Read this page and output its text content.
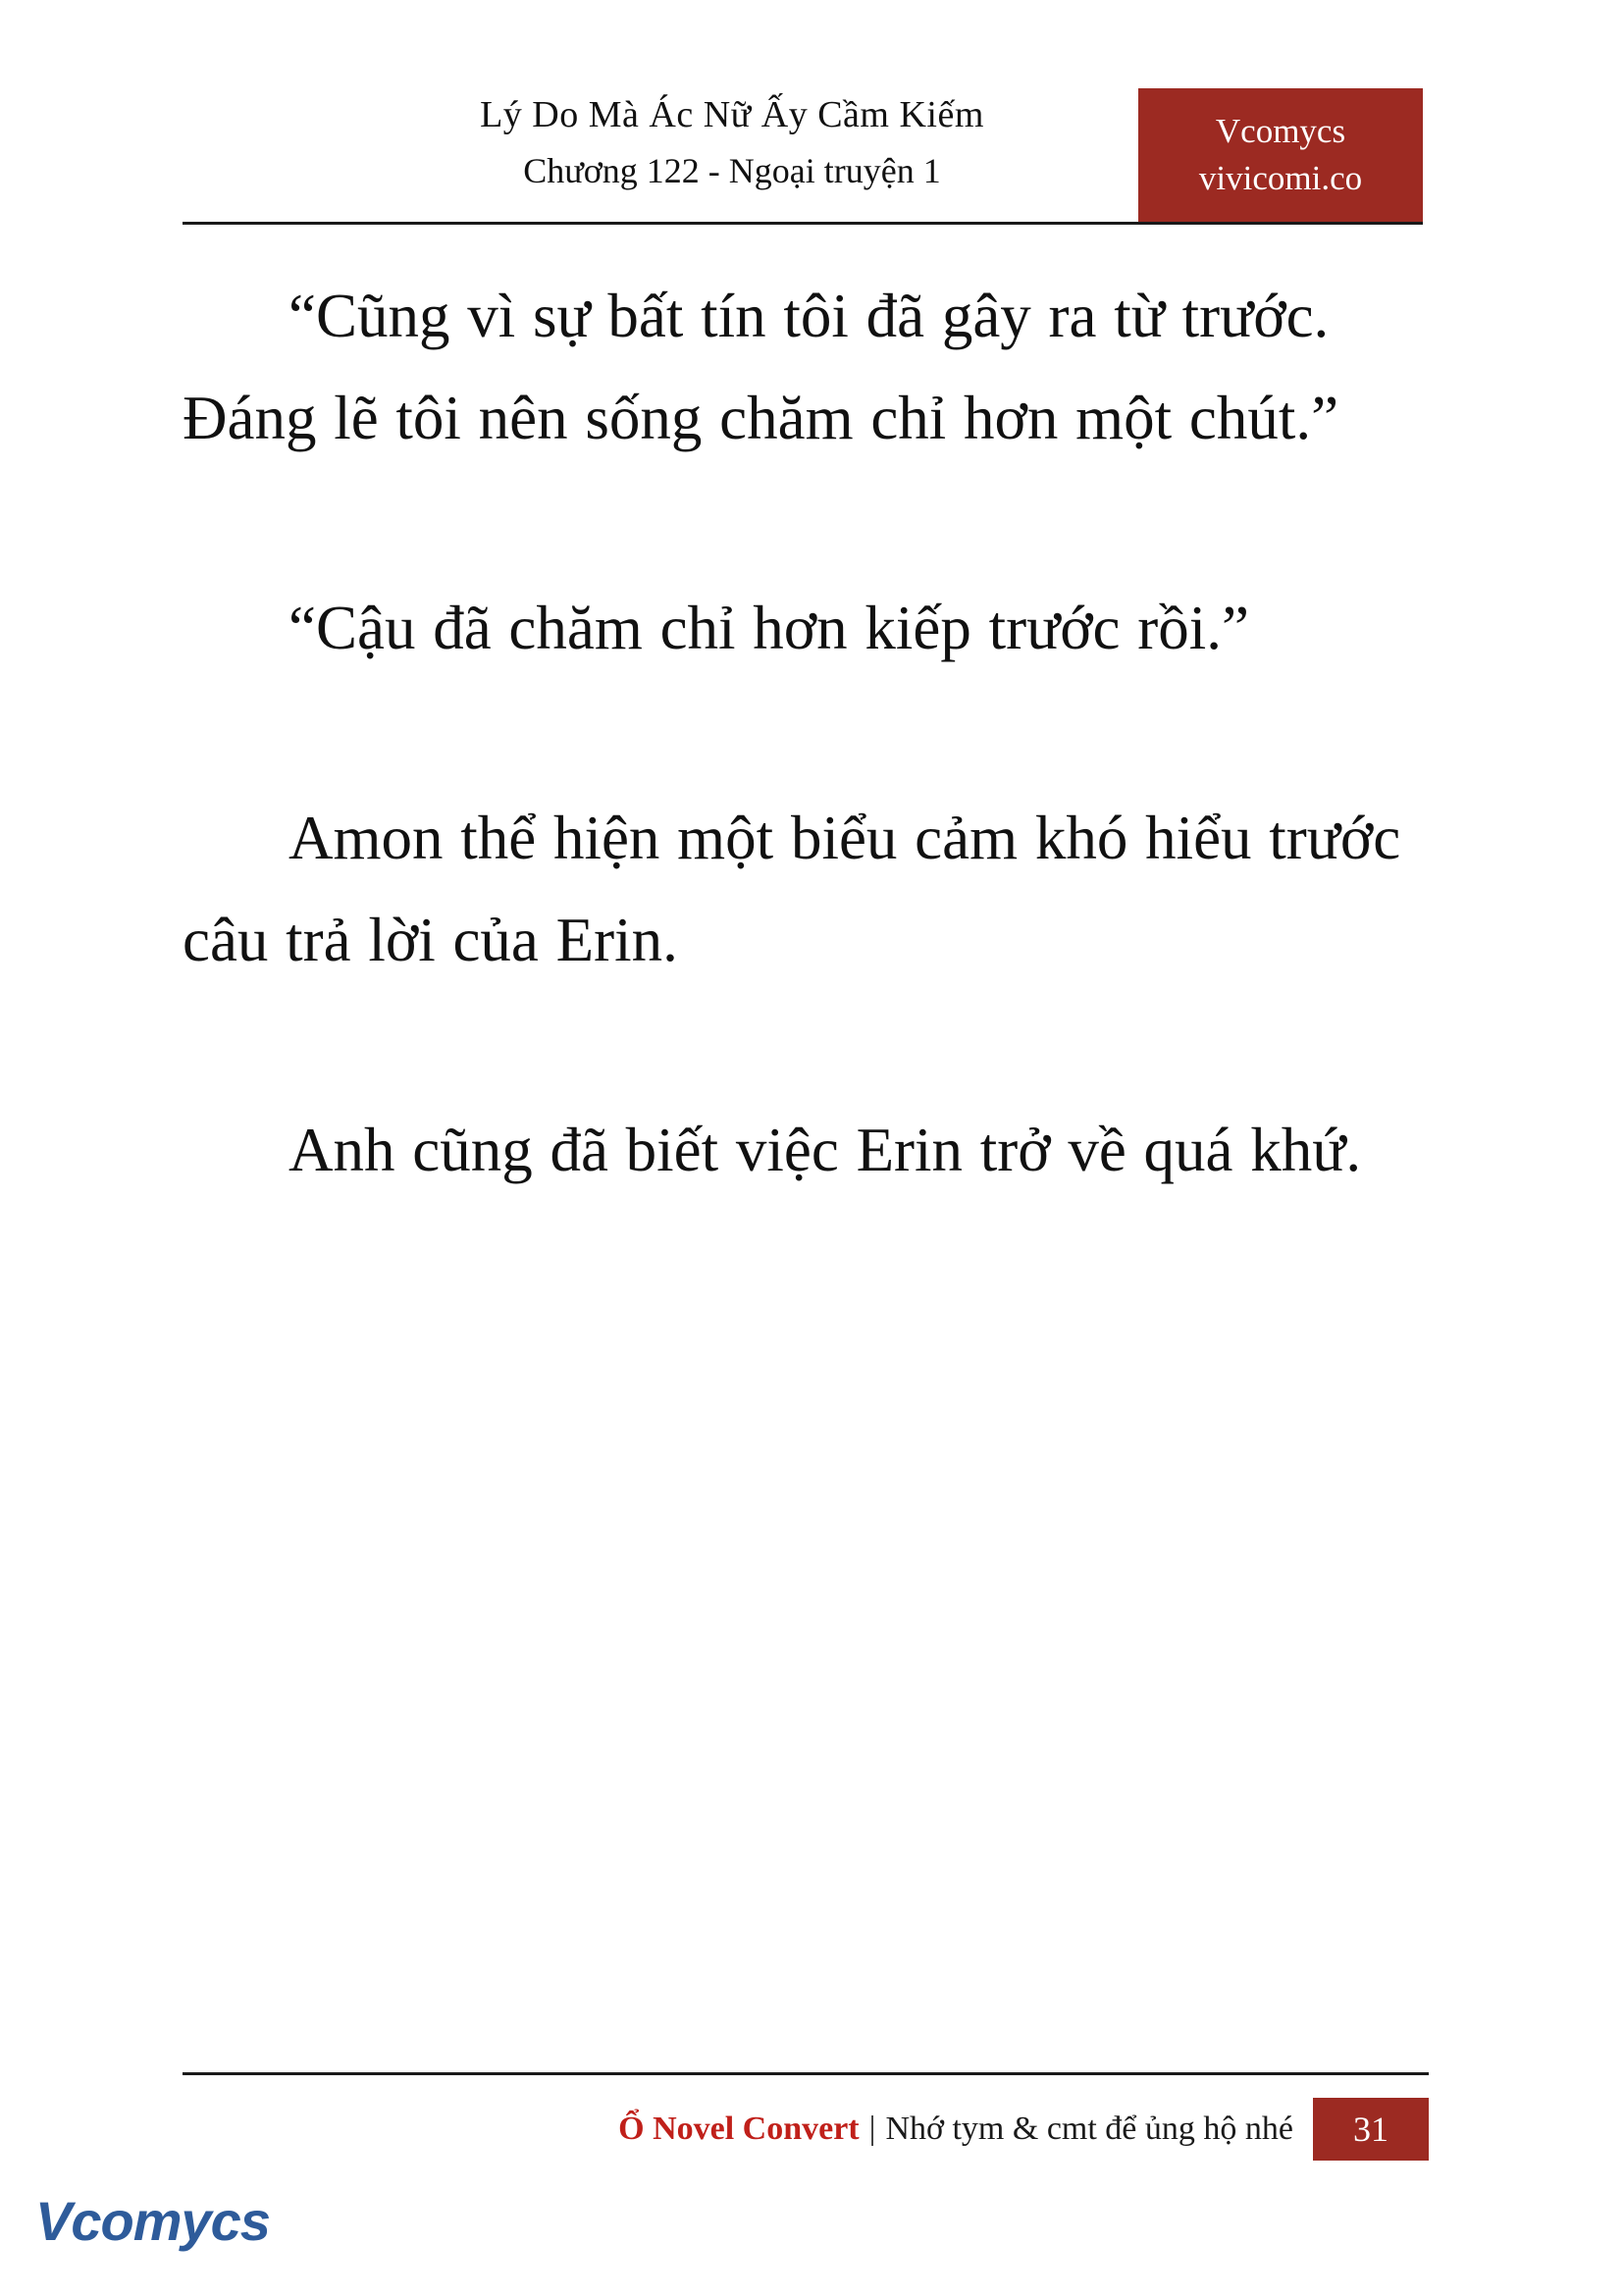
Lý Do Mà Ác Nữ Ấy Cầm Kiếm
Chương 122 - Ngoại truyện 1
Vcomycs
vivicomi.co

“Cũng vì sự bất tín tôi đã gây ra từ trước. Đáng lẽ tôi nên sống chăm chỉ hơn một chút.”

“Cậu đã chăm chỉ hơn kiếp trước rồi.”

Amon thể hiện một biểu cảm khó hiểu trước câu trả lời của Erin.

Anh cũng đã biết việc Erin trở về quá khứ.

Ổ Novel Convert | Nhớ tym & cmt để ủng hộ nhé	31
Vcomycs
